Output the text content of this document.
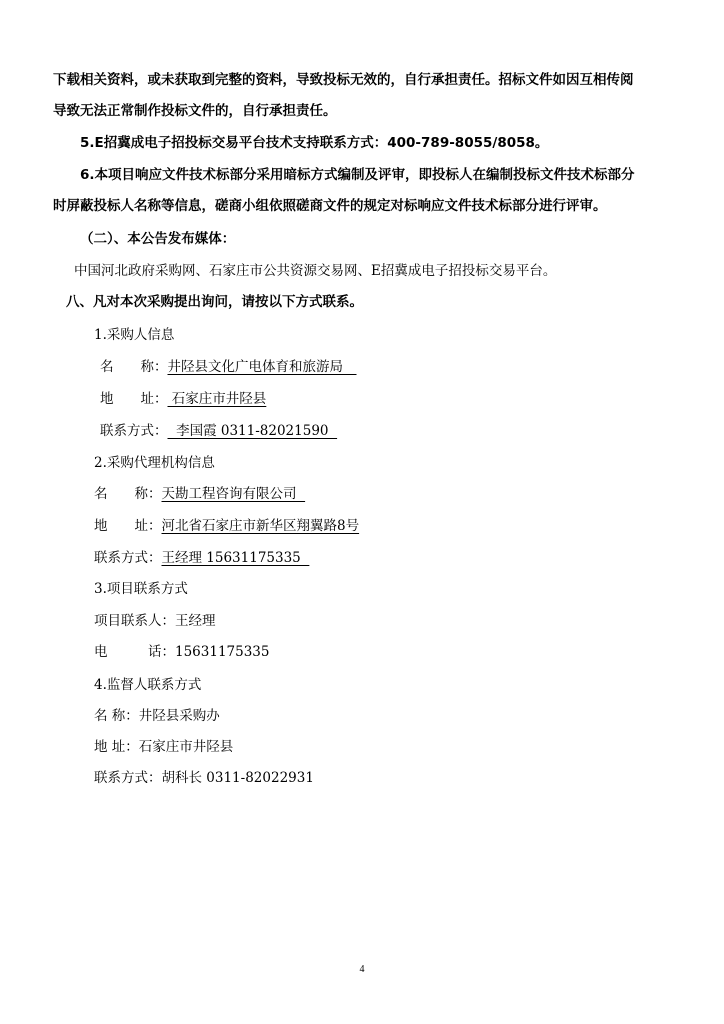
下载相关资料，或未获取到完整的资料，导致投标无效的，自行承担责任。招标文件如因互相传阅
导致无法正常制作投标文件的，自行承担责任。
5.E招冀成电子招投标交易平台技术支持联系方式：400-789-8055/8058。
6.本项目响应文件技术标部分采用暗标方式编制及评审，即投标人在编制投标文件技术标部分
时屏蔽投标人名称等信息，磋商小组依照磋商文件的规定对标响应文件技术标部分进行评审。
（二）、本公告发布媒体：
中国河北政府采购网、石家庄市公共资源交易网、E招冀成电子招投标交易平台。
八、凡对本次采购提出询问，请按以下方式联系。
1.采购人信息
名　　称：井陉县文化广电体育和旅游局　
地　　址： 石家庄市井陉县
联系方式：  李国霞 0311-82021590
2.采购代理机构信息
名　　称：天勘工程咨询有限公司
地　　址：河北省石家庄市新华区翔翼路8号
联系方式：王经理 15631175335
3.项目联系方式
项目联系人：王经理
电　　　话：15631175335
4.监督人联系方式
名 称：井陉县采购办
地 址：石家庄市井陉县
联系方式：胡科长 0311-82022931
4
